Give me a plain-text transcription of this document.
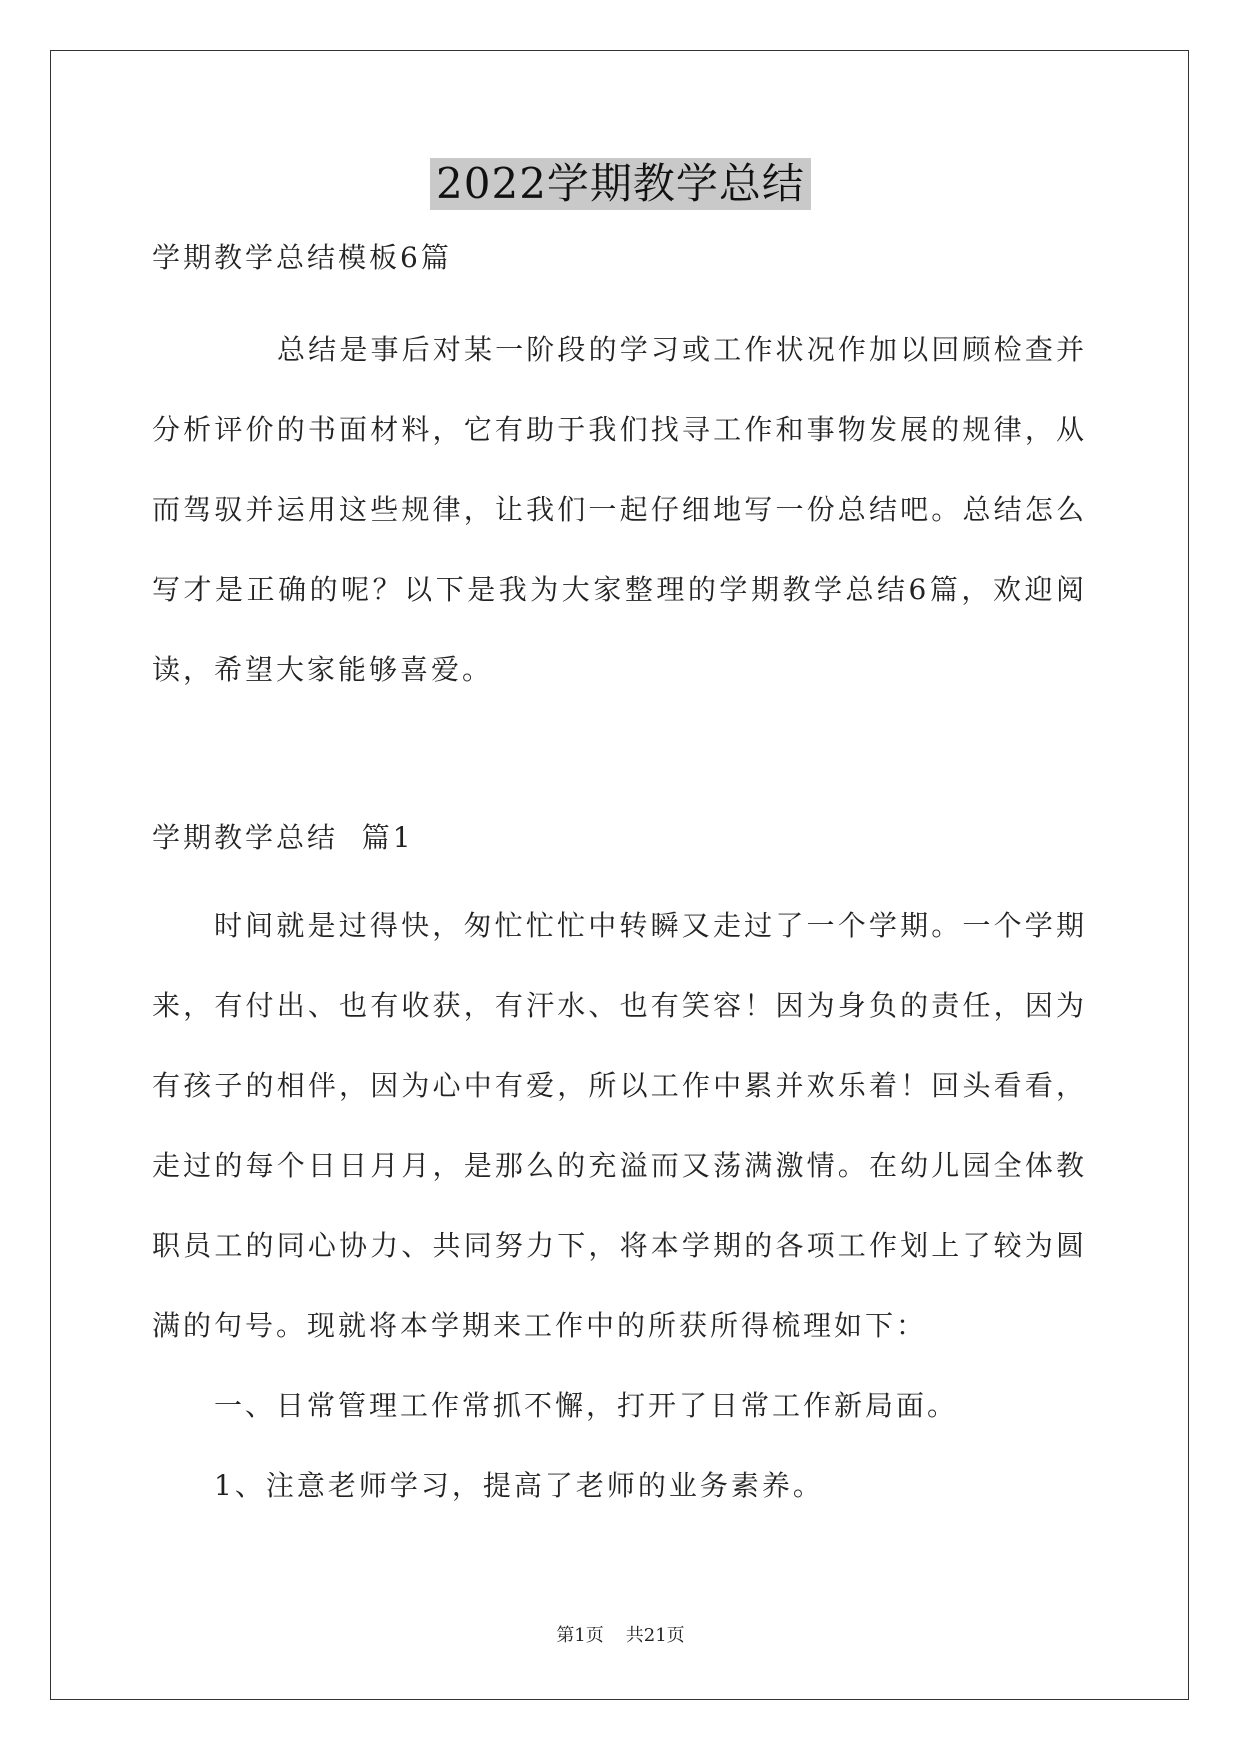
2022学期教学总结

学期教学总结模板6篇

总结是事后对某一阶段的学习或工作状况作加以回顾检查并分析评价的书面材料，它有助于我们找寻工作和事物发展的规律，从而驾驭并运用这些规律，让我们一起仔细地写一份总结吧。总结怎么写才是正确的呢？以下是我为大家整理的学期教学总结6篇，欢迎阅读，希望大家能够喜爱。

学期教学总结  篇1

时间就是过得快，匆忙忙忙中转瞬又走过了一个学期。一个学期来，有付出、也有收获，有汗水、也有笑容！因为身负的责任，因为有孩子的相伴，因为心中有爱，所以工作中累并欢乐着！回头看看，走过的每个日日月月，是那么的充溢而又荡满激情。在幼儿园全体教职员工的同心协力、共同努力下，将本学期的各项工作划上了较为圆满的句号。现就将本学期来工作中的所获所得梳理如下：

一、日常管理工作常抓不懈，打开了日常工作新局面。

1、注意老师学习，提高了老师的业务素养。

第1页 共21页
